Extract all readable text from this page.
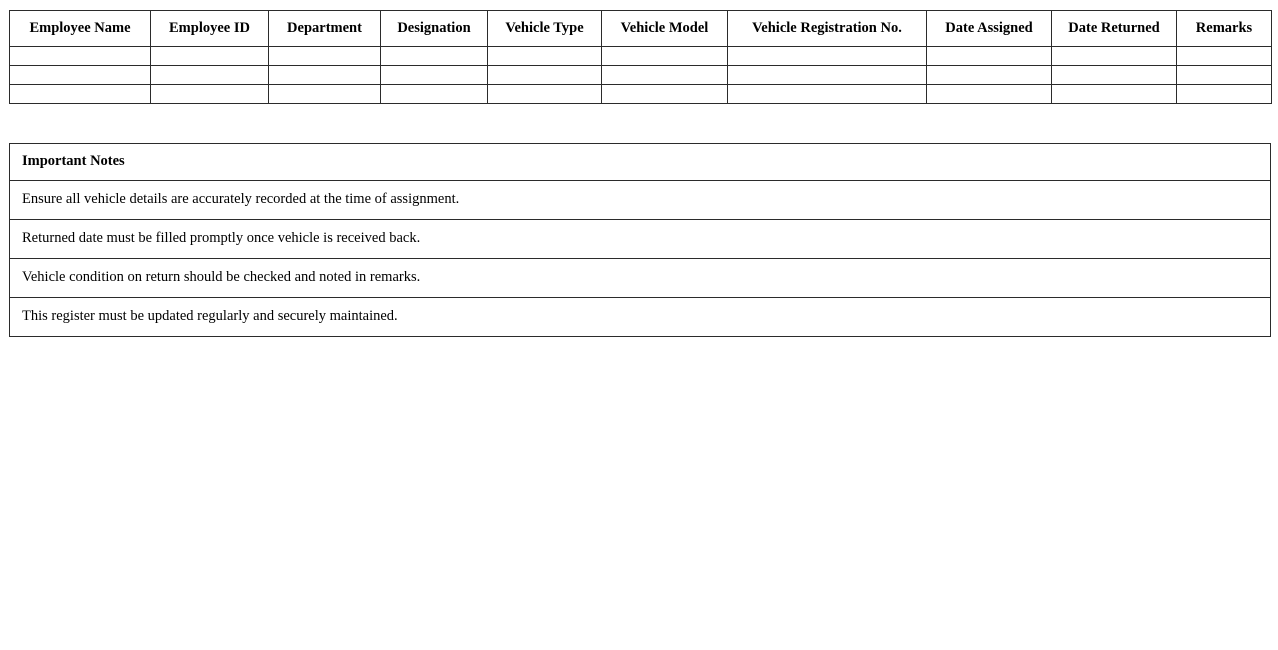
Employee Name	Employee ID	Department	Designation	Vehicle Type	Vehicle Model	Vehicle Registration No.	Date Assigned	Date Returned	Remarks

Important Notes
Ensure all vehicle details are accurately recorded at the time of assignment.
Returned date must be filled promptly once vehicle is received back.
Vehicle condition on return should be checked and noted in remarks.
This register must be updated regularly and securely maintained.
